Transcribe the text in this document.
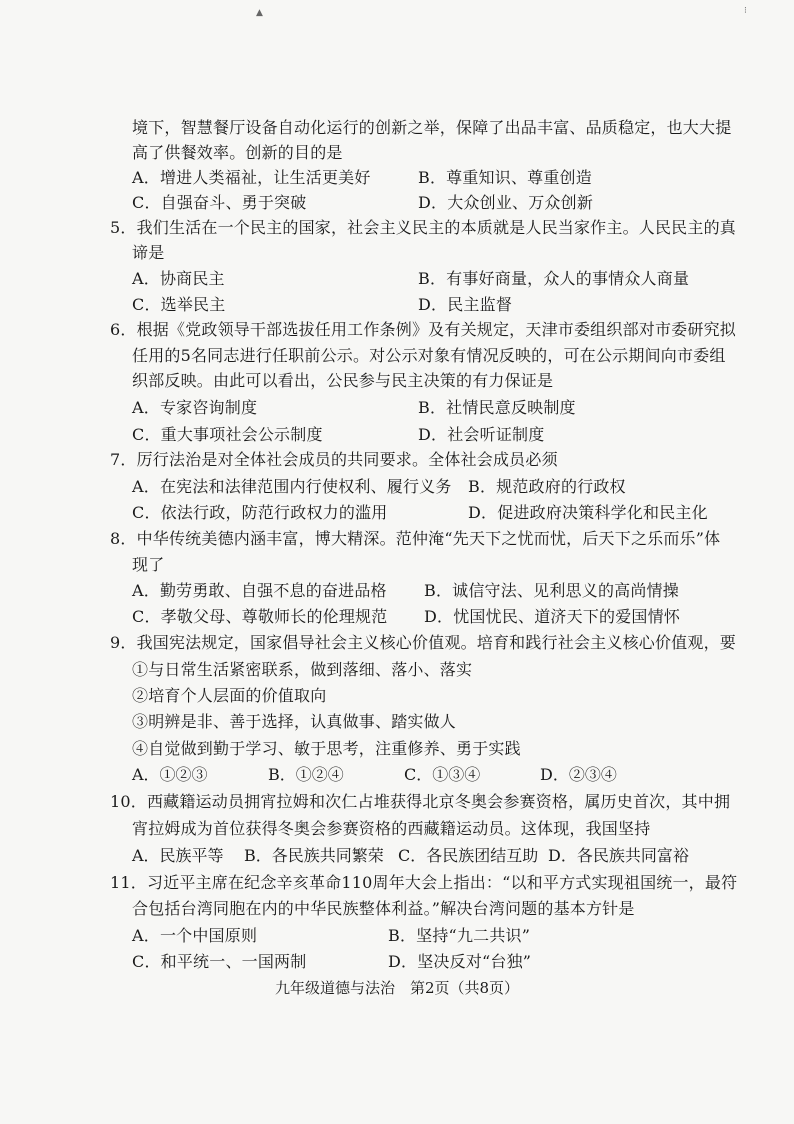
▲	⁝
境下，智慧餐厅设备自动化运行的创新之举，保障了出品丰富、品质稳定，也大大提
高了供餐效率。创新的目的是
A．增进人类福祉，让生活更美好	B．尊重知识、尊重创造
C．自强奋斗、勇于突破	D．大众创业、万众创新
5．我们生活在一个民主的国家，社会主义民主的本质就是人民当家作主。人民民主的真
谛是
A．协商民主	B．有事好商量，众人的事情众人商量
C．选举民主	D．民主监督
6．根据《党政领导干部选拔任用工作条例》及有关规定，天津市委组织部对市委研究拟
任用的5名同志进行任职前公示。对公示对象有情况反映的，可在公示期间向市委组
织部反映。由此可以看出，公民参与民主决策的有力保证是
A．专家咨询制度	B．社情民意反映制度
C．重大事项社会公示制度	D．社会听证制度
7．厉行法治是对全体社会成员的共同要求。全体社会成员必须
A．在宪法和法律范围内行使权利、履行义务 B．规范政府的行政权
C．依法行政，防范行政权力的滥用	D．促进政府决策科学化和民主化
8．中华传统美德内涵丰富，博大精深。范仲淹“先天下之忧而忧，后天下之乐而乐”体
现了
A．勤劳勇敢、自强不息的奋进品格 B．诚信守法、见利思义的高尚情操
C．孝敬父母、尊敬师长的伦理规范 D．忧国忧民、道济天下的爱国情怀
9．我国宪法规定，国家倡导社会主义核心价值观。培育和践行社会主义核心价值观，要
①与日常生活紧密联系，做到落细、落小、落实
②培育个人层面的价值取向
③明辨是非、善于选择，认真做事、踏实做人
④自觉做到勤于学习、敏于思考，注重修养、勇于实践
A．①②③	B．①②④	C．①③④	D．②③④
10．西藏籍运动员拥宵拉姆和次仁占堆获得北京冬奥会参赛资格，属历史首次，其中拥
宵拉姆成为首位获得冬奥会参赛资格的西藏籍运动员。这体现，我国坚持
A．民族平等 B．各民族共同繁荣 C．各民族团结互助 D．各民族共同富裕
11．习近平主席在纪念辛亥革命110周年大会上指出：“以和平方式实现祖国统一，最符
合包括台湾同胞在内的中华民族整体利益。”解决台湾问题的基本方针是
A．一个中国原则	B．坚持“九二共识”
C．和平统一、一国两制	D．坚决反对“台独”
九年级道德与法治　第2页（共8页）
